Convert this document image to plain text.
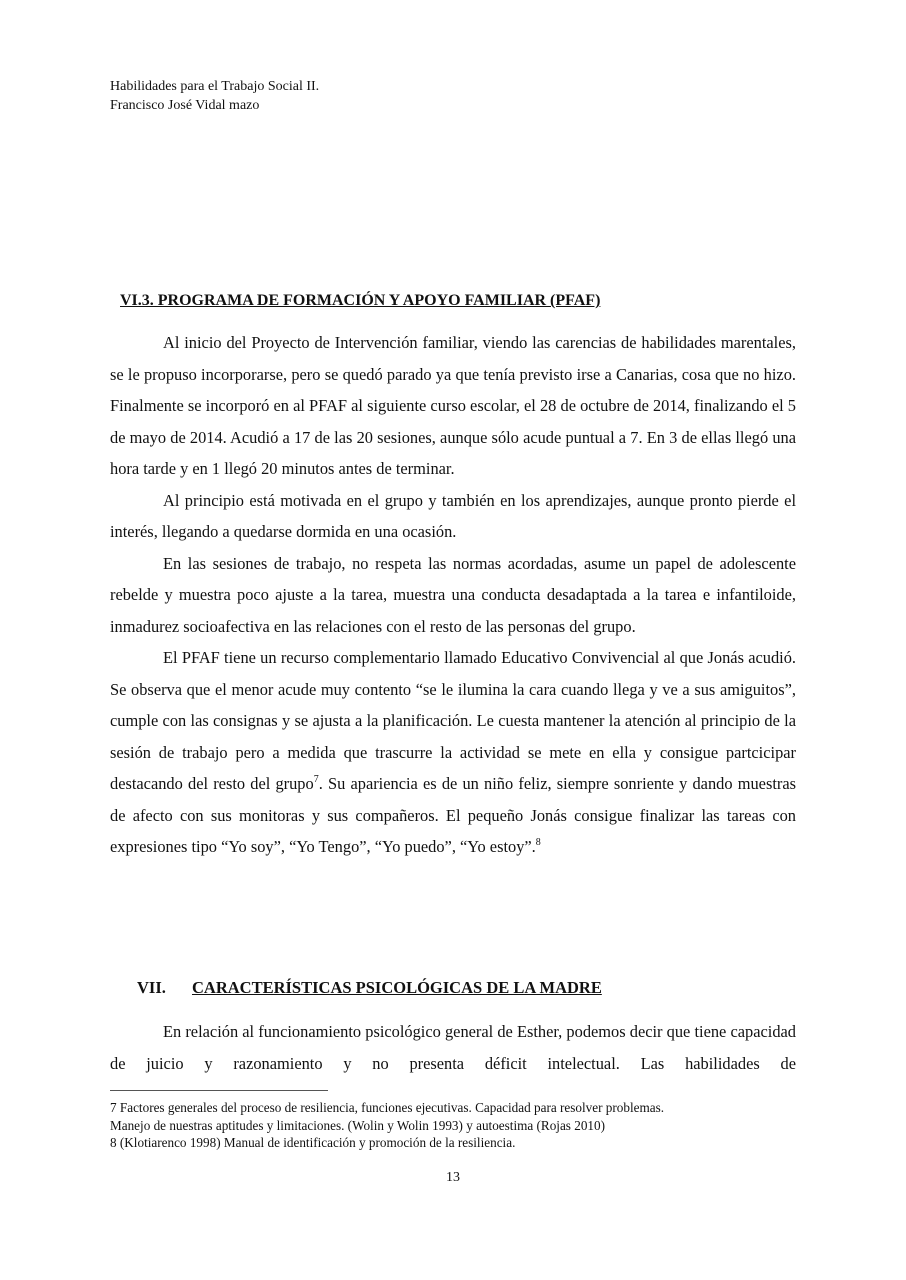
Habilidades para el Trabajo Social II.
Francisco José Vidal mazo
VI.3. PROGRAMA DE FORMACIÓN Y APOYO FAMILIAR (PFAF)

Al inicio del Proyecto de Intervención familiar, viendo las carencias de habilidades marentales, se le propuso incorporarse, pero se quedó parado ya que tenía previsto irse a Canarias, cosa que no hizo. Finalmente se incorporó en al PFAF al siguiente curso escolar, el 28 de octubre de 2014, finalizando el 5 de mayo de 2014. Acudió a 17 de las 20 sesiones, aunque sólo acude puntual a 7. En 3 de ellas llegó una hora tarde y en 1 llegó 20 minutos antes de terminar.

Al principio está motivada en el grupo y también en los aprendizajes, aunque pronto pierde el interés, llegando a quedarse dormida en una ocasión.

En las sesiones de trabajo, no respeta las normas acordadas, asume un papel de adolescente rebelde y muestra poco ajuste a la tarea, muestra una conducta desadaptada a la tarea e infantiloide, inmadurez socioafectiva en las relaciones con el resto de las personas del grupo.

El PFAF tiene un recurso complementario llamado Educativo Convivencial al que Jonás acudió. Se observa que el menor acude muy contento “se le ilumina la cara cuando llega y ve a sus amiguitos”, cumple con las consignas y se ajusta a la planificación. Le cuesta mantener la atención al principio de la sesión de trabajo pero a medida que trascurre la actividad se mete en ella y consigue partcicipar destacando del resto del grupo$^7$. Su apariencia es de un niño feliz, siempre sonriente y dando muestras de afecto con sus monitoras y sus compañeros. El pequeño Jonás consigue finalizar las tareas con expresiones tipo “Yo soy”, “Yo Tengo”, “Yo puedo”, “Yo estoy”.$^8$

VII. CARACTERÍSTICAS PSICOLÓGICAS DE LA MADRE

En relación al funcionamiento psicológico general de Esther, podemos decir que tiene capacidad de juicio y razonamiento y no presenta déficit intelectual. Las habilidades de

7 Factores generales del proceso de resiliencia, funciones ejecutivas. Capacidad para resolver problemas.
Manejo de nuestras aptitudes y limitaciones. (Wolin y Wolin 1993) y autoestima (Rojas 2010)
8 (Klotiarenco 1998) Manual de identificación y promoción de la resiliencia.
13
